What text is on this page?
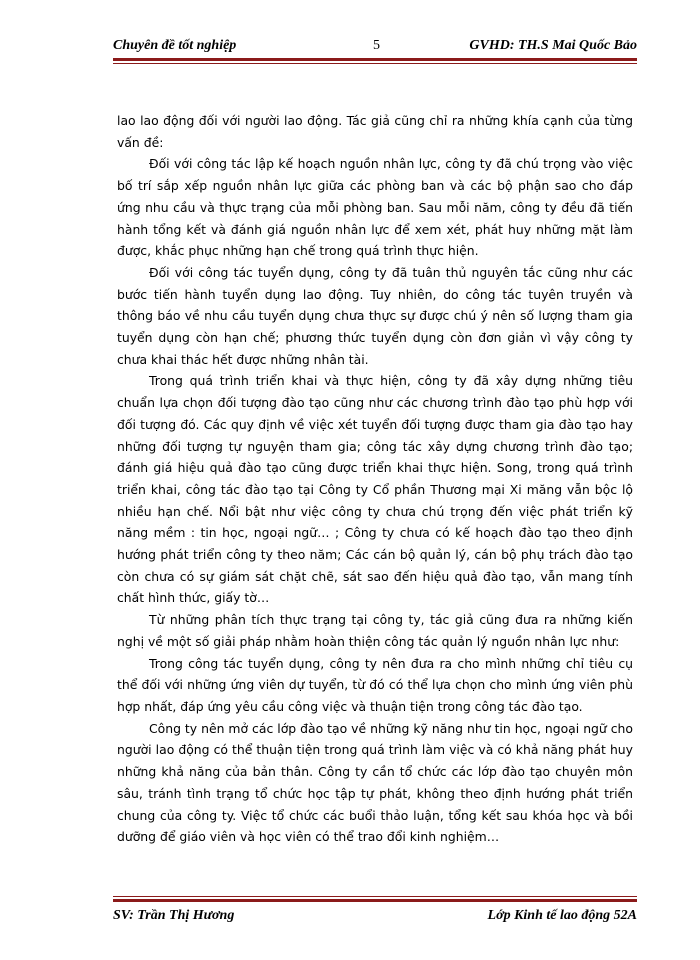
Chuyên đề tốt nghiệp	5	GVHD: TH.S Mai Quốc Bảo

lao lao động đối với người lao động. Tác giả cũng chỉ ra những khía cạnh của từng vấn đề:

Đối với công tác lập kế hoạch nguồn nhân lực, công ty đã chú trọng vào việc bố trí sắp xếp nguồn nhân lực giữa các phòng ban và các bộ phận sao cho đáp ứng nhu cầu và thực trạng của mỗi phòng ban. Sau mỗi năm, công ty đều đã tiến hành tổng kết và đánh giá nguồn nhân lực để xem xét, phát huy những mặt làm được, khắc phục những hạn chế trong quá trình thực hiện.

Đối với công tác tuyển dụng, công ty đã tuân thủ nguyên tắc cũng như các bước tiến hành tuyển dụng lao động. Tuy nhiên, do công tác tuyên truyền và thông báo về nhu cầu tuyển dụng chưa thực sự được chú ý nên số lượng tham gia tuyển dụng còn hạn chế; phương thức tuyển dụng còn đơn giản vì vậy công ty chưa khai thác hết được những nhân tài.

Trong quá trình triển khai và thực hiện, công ty đã xây dựng những tiêu chuẩn lựa chọn đối tượng đào tạo cũng như các chương trình đào tạo phù hợp với đối tượng đó. Các quy định về việc xét tuyển đối tượng được tham gia đào tạo hay những đối tượng tự nguyện tham gia; công tác xây dựng chương trình đào tạo; đánh giá hiệu quả đào tạo cũng được triển khai thực hiện. Song, trong quá trình triển khai, công tác đào tạo tại Công ty Cổ phần Thương mại Xi măng vẫn bộc lộ nhiều hạn chế. Nổi bật như việc công ty chưa chú trọng đến việc phát triển kỹ năng mềm : tin học, ngoại ngữ… ; Công ty chưa có kế hoạch đào tạo theo định hướng phát triển công ty theo năm; Các cán bộ quản lý, cán bộ phụ trách đào tạo còn chưa có sự giám sát chặt chẽ, sát sao đến hiệu quả đào tạo, vẫn mang tính chất hình thức, giấy tờ…

Từ những phân tích thực trạng tại công ty, tác giả cũng đưa ra những kiến nghị về một số giải pháp nhằm hoàn thiện công tác quản lý nguồn nhân lực như:

Trong công tác tuyển dụng, công ty nên đưa ra cho mình những chỉ tiêu cụ thể đối với những ứng viên dự tuyển, từ đó có thể lựa chọn cho mình ứng viên phù hợp nhất, đáp ứng yêu cầu công việc và thuận tiện trong công tác đào tạo.

Công ty nên mở các lớp đào tạo về những kỹ năng như tin học, ngoại ngữ cho người lao động có thể thuận tiện trong quá trình làm việc và có khả năng phát huy những khả năng của bản thân. Công ty cần tổ chức các lớp đào tạo chuyên môn sâu, tránh tình trạng tổ chức học tập tự phát, không theo định hướng phát triển chung của công ty. Việc tổ chức các buổi thảo luận, tổng kết sau khóa học và bồi dưỡng để giáo viên và học viên có thể trao đổi kinh nghiệm…

SV: Trần Thị Hương	Lớp Kinh tế lao động 52A
